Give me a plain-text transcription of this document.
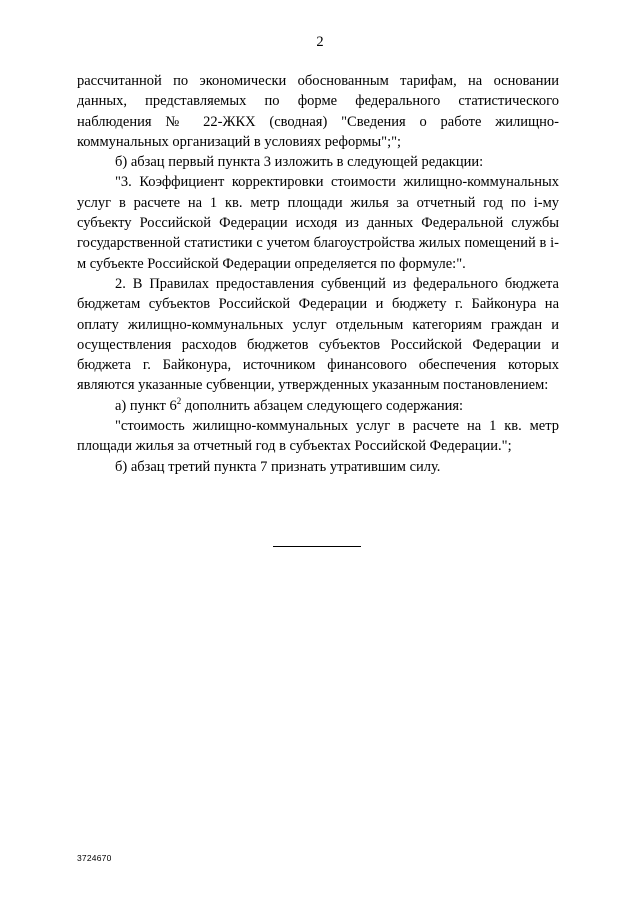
2

рассчитанной по экономически обоснованным тарифам, на основании данных, представляемых по форме федерального статистического наблюдения № 22-ЖКХ (сводная) "Сведения о работе жилищно-коммунальных организаций в условиях реформы";";

б) абзац первый пункта 3 изложить в следующей редакции:

"3. Коэффициент корректировки стоимости жилищно-коммунальных услуг в расчете на 1 кв. метр площади жилья за отчетный год по i-му субъекту Российской Федерации исходя из данных Федеральной службы государственной статистики с учетом благоустройства жилых помещений в i-м субъекте Российской Федерации определяется по формуле:".

2. В Правилах предоставления субвенций из федерального бюджета бюджетам субъектов Российской Федерации и бюджету г. Байконура на оплату жилищно-коммунальных услуг отдельным категориям граждан и осуществления расходов бюджетов субъектов Российской Федерации и бюджета г. Байконура, источником финансового обеспечения которых являются указанные субвенции, утвержденных указанным постановлением:

а) пункт $6^2$ дополнить абзацем следующего содержания:

"стоимость жилищно-коммунальных услуг в расчете на 1 кв. метр площади жилья за отчетный год в субъектах Российской Федерации.";

б) абзац третий пункта 7 признать утратившим силу.

3724670
